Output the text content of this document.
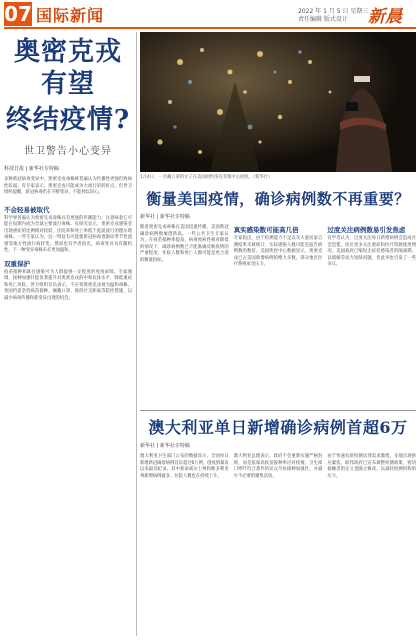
07 国际新闻	2022 年 1 月 5 日 星期三
责任编辑 版式设计 新晨
奥密克戎有望
终结疫情?
世卫警告小心变异
科技日报 | 新华社专特稿
多种新冠病毒变异中，奥密克戎毒株被普遍认为传播性更强但致病性较弱。有专家表示，奥密克戎可能成为大流行的转折点，但世卫组织提醒，新冠病毒仍在不断变异，不能掉以轻心。
不会轻易被取代
科学界普遍认为奥密克戎毒株具有更强的传播能力，这意味着它可能在短期内成为全球主要流行毒株。有研究显示，奥密克戎感染者出现重症的比例相对较低，住院率和死亡率低于此前流行的德尔塔毒株。一些专家认为，这一特征有可能使新冠病毒逐渐向季节性流感等地方性流行病转变。然而也有学者指出，病毒变异具有随机性，下一种变异毒株未必更加温和。
双重保护
疫苗接种和既往感染可为人群提供一定程度的免疫屏障。专家强调，接种加强针能显著提升对奥密克戎的中和抗体水平，降低重症和死亡风险。世卫组织官员表示，不应将奥密克戎视为温和毒株，各国仍需坚持疫苗接种、佩戴口罩、保持社交距离等防控措施，以减少病毒传播和新变异出现的机会。
1月4日，一名戴口罩的女子在美国纽约洛克菲勒中心拍照。（新华社）
衡量美国疫情，确诊病例数不再重要？
新华社 | 新华社专特稿
随着奥密克戎毒株在美国迅速传播，美国新冠确诊病例数屡创新高。一些公共卫生专家认为，在疫苗接种率提高、病毒致病性相对降低的情况下，确诊病例数已不能准确反映疫情的严重程度，住院人数和死亡人数可能是更合适的衡量指标。
真实感染数可能高几倍
专家指出，由于检测能力不足以及大量居家自测结果未被统计，实际感染人数可能是报告病例数的数倍。美国疾控中心数据显示，奥密克戎已占美国新增病例的绝大多数，部分地区医疗系统承受压力。
过度关注病例数易引发焦虑
有学者认为，过度关注每日新增病例会造成社会恐慌，而应更多关注重症和医疗资源使用情况。美国政府已缩短无症状感染者的隔离期，以缓解劳动力短缺问题，但此举也引发了一些争议。
澳大利亚单日新增确诊病例首超6万
新华社 | 新华社专特稿
澳大利亚卫生部门公布的数据显示，全国单日新增新冠确诊病例首次超过6万例，创疫情暴发以来最高纪录。其中新南威尔士州和维多利亚州新增病例最多，住院人数也在持续上升。
澳大利亚总理表示，政府不会重新实施严格封锁，而是依靠高疫苗接种率应对疫情。卫生部门呼吁符合条件的民众尽快接种加强针，并减少不必要的聚集活动。
由于快速抗原检测试剂需求激增，多地出现供应紧张。联邦政府已宣布调整检测政策，密切接触者的定义也随之修改，以减轻检测机构的压力。
